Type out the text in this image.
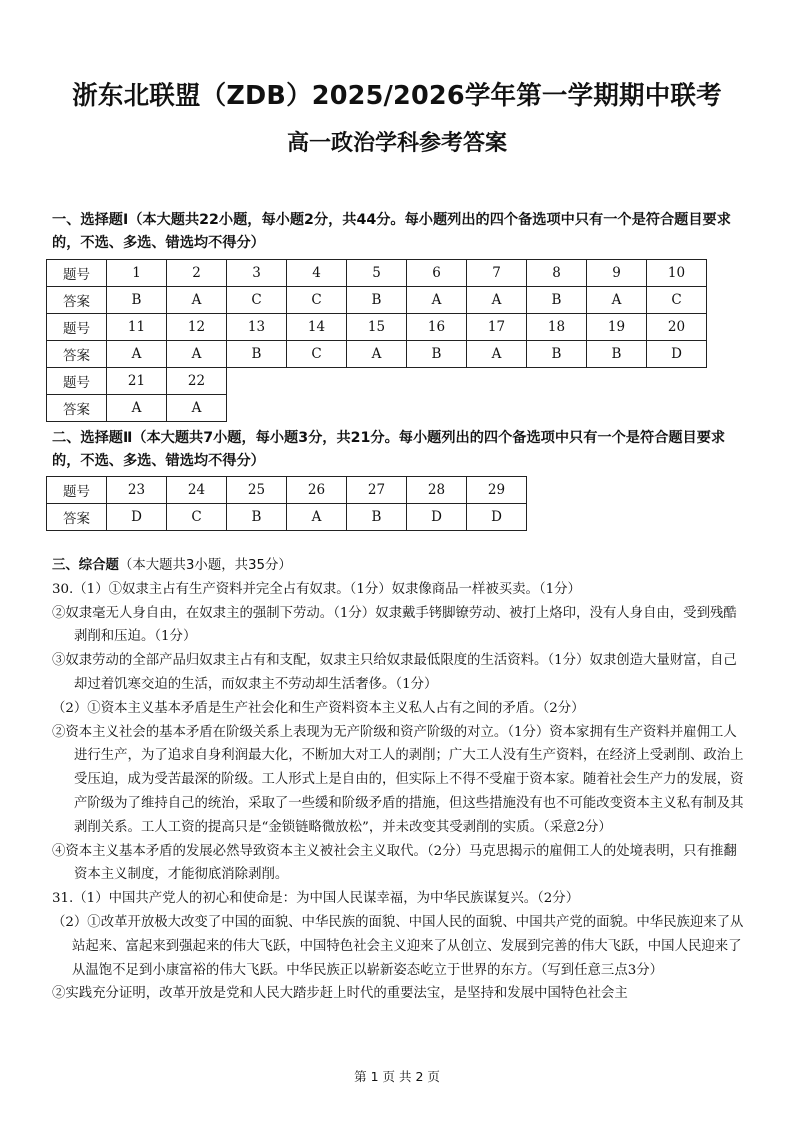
浙东北联盟（ZDB）2025/2026学年第一学期期中联考
高一政治学科参考答案
一、选择题Ⅰ（本大题共22小题，每小题2分，共44分。每小题列出的四个备选项中只有一个是符合题目要求的，不选、多选、错选均不得分）
题号	1	2	3	4	5	6	7	8	9	10
答案	B	A	C	C	B	A	A	B	A	C
题号	11	12	13	14	15	16	17	18	19	20
答案	A	A	B	C	A	B	A	B	B	D
题号	21	22								
答案	A	A								
二、选择题Ⅱ（本大题共7小题，每小题3分，共21分。每小题列出的四个备选项中只有一个是符合题目要求的，不选、多选、错选均不得分）
题号	23	24	25	26	27	28	29
答案	D	C	B	A	B	D	D

三、综合题（本大题共3小题，共35分）

30.（1）①奴隶主占有生产资料并完全占有奴隶。（1分）奴隶像商品一样被买卖。（1分）

②奴隶毫无人身自由，在奴隶主的强制下劳动。（1分）奴隶戴手铐脚镣劳动、被打上烙印，没有人身自由，受到残酷剥削和压迫。（1分）

③奴隶劳动的全部产品归奴隶主占有和支配，奴隶主只给奴隶最低限度的生活资料。（1分）奴隶创造大量财富，自己却过着饥寒交迫的生活，而奴隶主不劳动却生活奢侈。（1分）

（2）①资本主义基本矛盾是生产社会化和生产资料资本主义私人占有之间的矛盾。（2分）

②资本主义社会的基本矛盾在阶级关系上表现为无产阶级和资产阶级的对立。（1分）资本家拥有生产资料并雇佣工人进行生产，为了追求自身利润最大化，不断加大对工人的剥削；广大工人没有生产资料，在经济上受剥削、政治上受压迫，成为受苦最深的阶级。工人形式上是自由的，但实际上不得不受雇于资本家。随着社会生产力的发展，资产阶级为了维持自己的统治，采取了一些缓和阶级矛盾的措施，但这些措施没有也不可能改变资本主义私有制及其剥削关系。工人工资的提高只是“金锁链略微放松”，并未改变其受剥削的实质。（采意2分）

④资本主义基本矛盾的发展必然导致资本主义被社会主义取代。（2分）马克思揭示的雇佣工人的处境表明，只有推翻资本主义制度，才能彻底消除剥削。

31.（1）中国共产党人的初心和使命是：为中国人民谋幸福，为中华民族谋复兴。（2分）

（2）①改革开放极大改变了中国的面貌、中华民族的面貌、中国人民的面貌、中国共产党的面貌。中华民族迎来了从站起来、富起来到强起来的伟大飞跃，中国特色社会主义迎来了从创立、发展到完善的伟大飞跃，中国人民迎来了从温饱不足到小康富裕的伟大飞跃。中华民族正以崭新姿态屹立于世界的东方。（写到任意三点3分）

②实践充分证明，改革开放是党和人民大踏步赶上时代的重要法宝，是坚持和发展中国特色社会主

第 1 页 共 2 页
